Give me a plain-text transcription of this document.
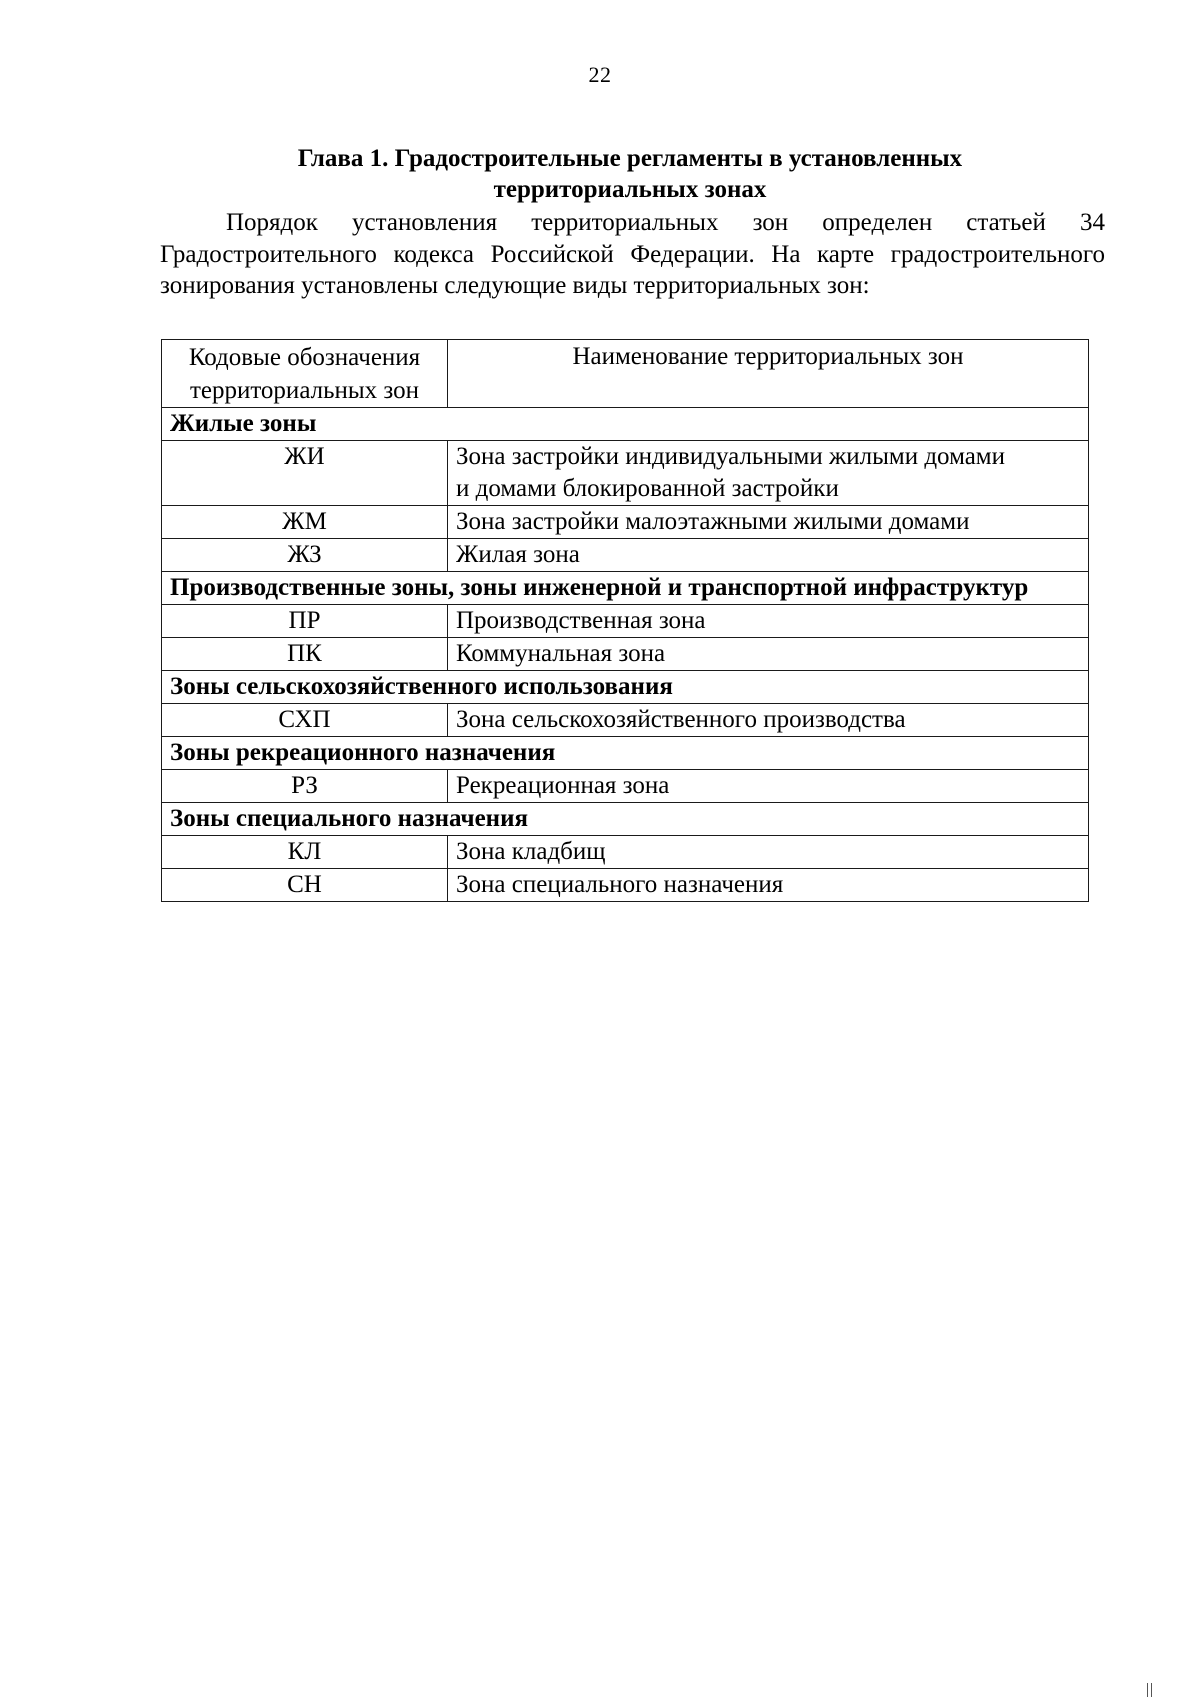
22
Глава 1. Градостроительные регламенты в установленных
территориальных зонах

Порядок установления территориальных зон определен статьей 34 Градостроительного кодекса Российской Федерации. На карте градостроительного зонирования установлены следующие виды территориальных зон:

Кодовые обозначения территориальных зон	Наименование территориальных зон
Жилые зоны	
ЖИ	Зона застройки индивидуальными жилыми домами и домами блокированной застройки
ЖМ	Зона застройки малоэтажными жилыми домами
ЖЗ	Жилая зона
Производственные зоны, зоны инженерной и транспортной инфраструктур	
ПР	Производственная зона
ПК	Коммунальная зона
Зоны сельскохозяйственного использования	
СХП	Зона сельскохозяйственного производства
Зоны рекреационного назначения	
РЗ	Рекреационная зона
Зоны специального назначения	
КЛ	Зона кладбищ
СН	Зона специального назначения
